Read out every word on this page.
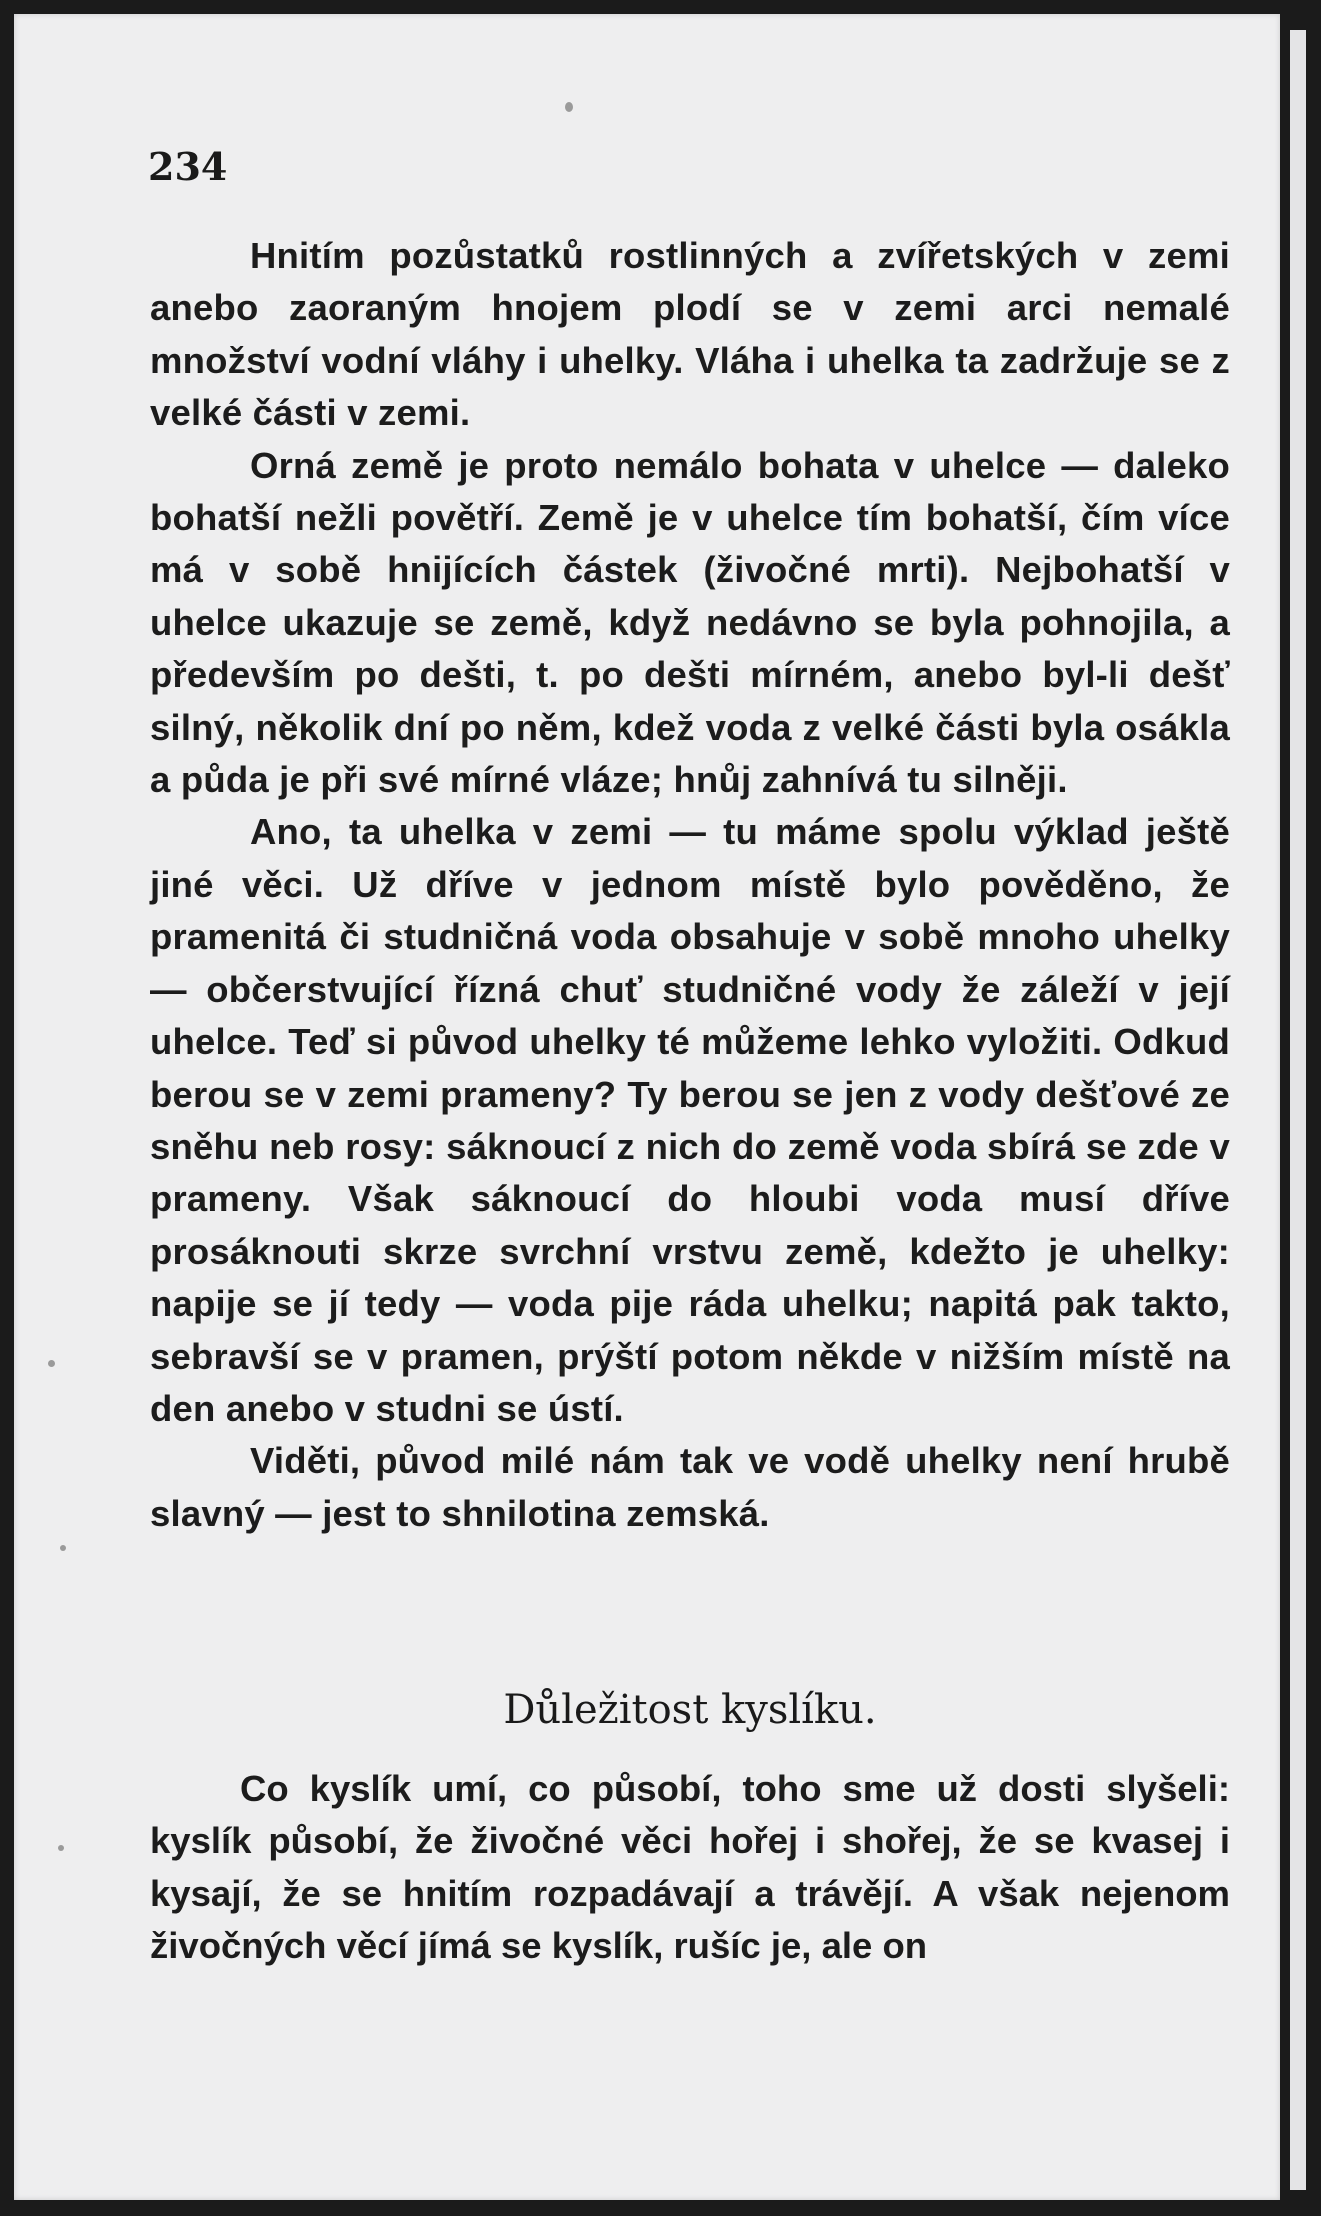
234

Hnitím pozůstatků rostlinných a zvířetských v zemi anebo zaoraným hnojem plodí se v zemi arci nemalé množství vodní vláhy i uhelky. Vláha i uhelka ta zadržuje se z velké části v zemi.

Orná země je proto nemálo bohata v uhelce — daleko bohatší nežli povětří. Země je v uhelce tím bohatší, čím více má v sobě hnijících částek (živočné mrti). Nejbohatší v uhelce ukazuje se země, když nedávno se byla pohnojila, a především po dešti, t. po dešti mírném, anebo byl-li dešť silný, několik dní po něm, kdež voda z velké části byla osákla a půda je při své mírné vláze; hnůj zahnívá tu silněji.

Ano, ta uhelka v zemi — tu máme spolu výklad ještě jiné věci. Už dříve v jednom místě bylo pověděno, že pramenitá či studničná voda obsahuje v sobě mnoho uhelky — občerstvující řízná chuť studničné vody že záleží v její uhelce. Teď si původ uhelky té můžeme lehko vyložiti. Odkud berou se v zemi prameny? Ty berou se jen z vody dešťové ze sněhu neb rosy: sáknoucí z nich do země voda sbírá se zde v prameny. Však sáknoucí do hloubi voda musí dříve prosáknouti skrze svrchní vrstvu země, kdežto je uhelky: napije se jí tedy — voda pije ráda uhelku; napitá pak takto, sebravší se v pramen, prýští potom někde v nižším místě na den anebo v studni se ústí.

Viděti, původ milé nám tak ve vodě uhelky není hrubě slavný — jest to shnilotina zemská.

Důležitost kyslíku.

Co kyslík umí, co působí, toho sme už dosti slyšeli: kyslík působí, že živočné věci hořej i shořej, že se kvasej i kysají, že se hnitím rozpadávají a trávějí. A však nejenom živočných věcí jímá se kyslík, rušíc je, ale on
